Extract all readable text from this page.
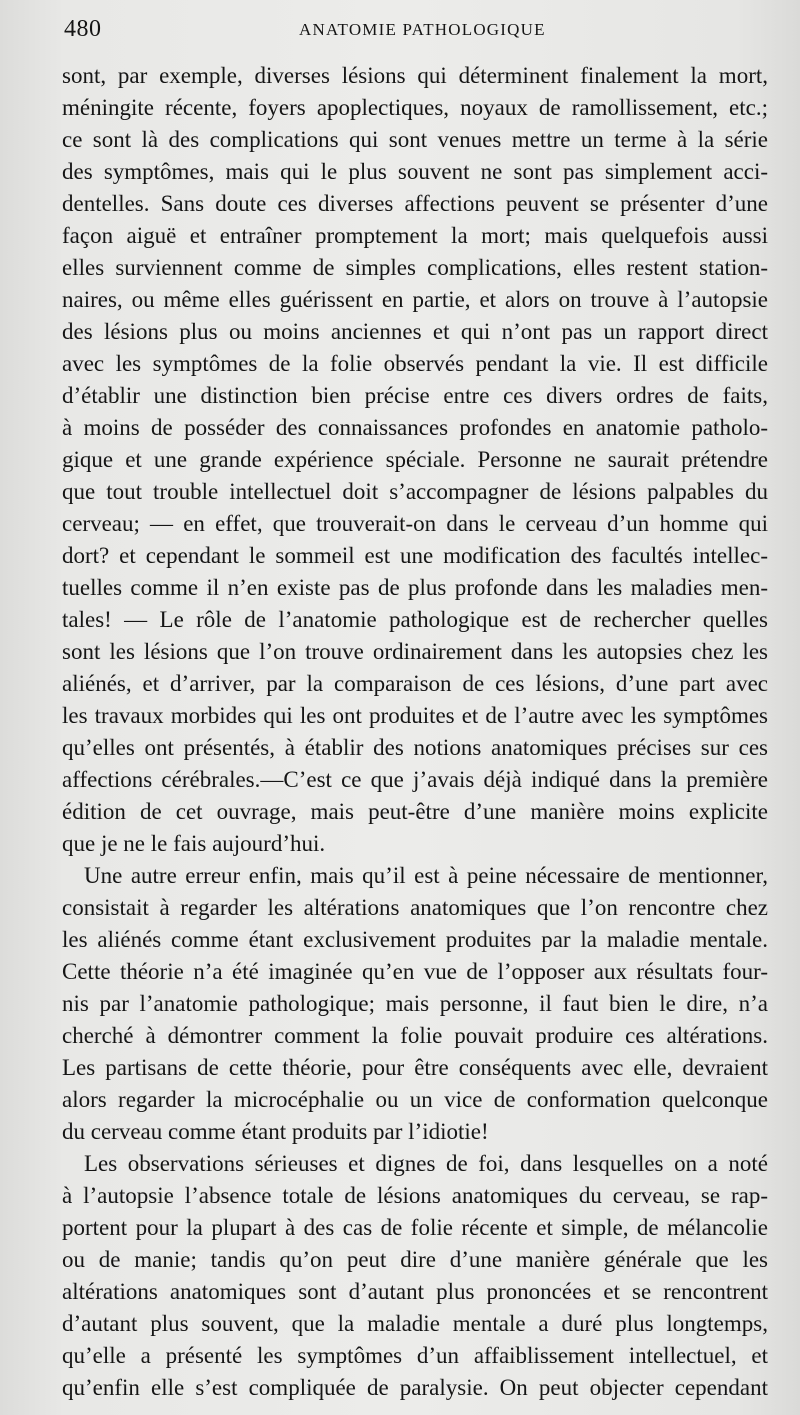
480	ANATOMIE PATHOLOGIQUE
sont, par exemple, diverses lésions qui déterminent finalement la mort,
méningite récente, foyers apoplectiques, noyaux de ramollissement, etc.;
ce sont là des complications qui sont venues mettre un terme à la série
des symptômes, mais qui le plus souvent ne sont pas simplement acci-
dentelles. Sans doute ces diverses affections peuvent se présenter d’une
façon aiguë et entraîner promptement la mort; mais quelquefois aussi
elles surviennent comme de simples complications, elles restent station-
naires, ou même elles guérissent en partie, et alors on trouve à l’autopsie
des lésions plus ou moins anciennes et qui n’ont pas un rapport direct
avec les symptômes de la folie observés pendant la vie. Il est difficile
d’établir une distinction bien précise entre ces divers ordres de faits,
à moins de posséder des connaissances profondes en anatomie patholo-
gique et une grande expérience spéciale. Personne ne saurait prétendre
que tout trouble intellectuel doit s’accompagner de lésions palpables du
cerveau; — en effet, que trouverait-on dans le cerveau d’un homme qui
dort? et cependant le sommeil est une modification des facultés intellec-
tuelles comme il n’en existe pas de plus profonde dans les maladies men-
tales! — Le rôle de l’anatomie pathologique est de rechercher quelles
sont les lésions que l’on trouve ordinairement dans les autopsies chez les
aliénés, et d’arriver, par la comparaison de ces lésions, d’une part avec
les travaux morbides qui les ont produites et de l’autre avec les symptômes
qu’elles ont présentés, à établir des notions anatomiques précises sur ces
affections cérébrales.—C’est ce que j’avais déjà indiqué dans la première
édition de cet ouvrage, mais peut-être d’une manière moins explicite
que je ne le fais aujourd’hui.
Une autre erreur enfin, mais qu’il est à peine nécessaire de mentionner,
consistait à regarder les altérations anatomiques que l’on rencontre chez
les aliénés comme étant exclusivement produites par la maladie mentale.
Cette théorie n’a été imaginée qu’en vue de l’opposer aux résultats four-
nis par l’anatomie pathologique; mais personne, il faut bien le dire, n’a
cherché à démontrer comment la folie pouvait produire ces altérations.
Les partisans de cette théorie, pour être conséquents avec elle, devraient
alors regarder la microcéphalie ou un vice de conformation quelconque
du cerveau comme étant produits par l’idiotie!
Les observations sérieuses et dignes de foi, dans lesquelles on a noté
à l’autopsie l’absence totale de lésions anatomiques du cerveau, se rap-
portent pour la plupart à des cas de folie récente et simple, de mélancolie
ou de manie; tandis qu’on peut dire d’une manière générale que les
altérations anatomiques sont d’autant plus prononcées et se rencontrent
d’autant plus souvent, que la maladie mentale a duré plus longtemps,
qu’elle a présenté les symptômes d’un affaiblissement intellectuel, et
qu’enfin elle s’est compliquée de paralysie. On peut objecter cependant
